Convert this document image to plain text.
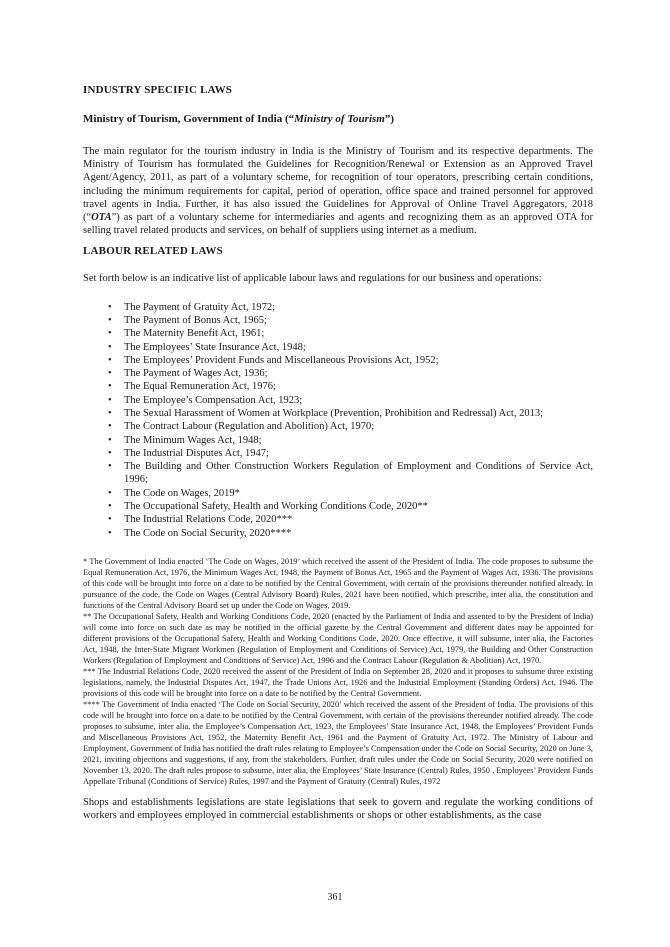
INDUSTRY SPECIFIC LAWS
Ministry of Tourism, Government of India (“Ministry of Tourism”)

The main regulator for the tourism industry in India is the Ministry of Tourism and its respective departments. The Ministry of Tourism has formulated the Guidelines for Recognition/Renewal or Extension as an Approved Travel Agent/Agency, 2011, as part of a voluntary scheme, for recognition of tour operators, prescribing certain conditions, including the minimum requirements for capital, period of operation, office space and trained personnel for approved travel agents in India. Further, it has also issued the Guidelines for Approval of Online Travel Aggregators, 2018 (“OTA”) as part of a voluntary scheme for intermediaries and agents and recognizing them as an approved OTA for selling travel related products and services, on behalf of suppliers using internet as a medium.

LABOUR RELATED LAWS

Set forth below is an indicative list of applicable labour laws and regulations for our business and operations:

• The Payment of Gratuity Act, 1972;
• The Payment of Bonus Act, 1965;
• The Maternity Benefit Act, 1961;
• The Employees’ State Insurance Act, 1948;
• The Employees’ Provident Funds and Miscellaneous Provisions Act, 1952;
• The Payment of Wages Act, 1936;
• The Equal Remuneration Act, 1976;
• The Employee’s Compensation Act, 1923;
• The Sexual Harassment of Women at Workplace (Prevention, Prohibition and Redressal) Act, 2013;
• The Contract Labour (Regulation and Abolition) Act, 1970;
• The Minimum Wages Act, 1948;
• The Industrial Disputes Act, 1947;
• The Building and Other Construction Workers Regulation of Employment and Conditions of Service Act, 1996;
• The Code on Wages, 2019*
• The Occupational Safety, Health and Working Conditions Code, 2020**
• The Industrial Relations Code, 2020***
• The Code on Social Security, 2020****

* The Government of India enacted ‘The Code on Wages, 2019’ which received the assent of the President of India. The code proposes to subsume the Equal Remuneration Act, 1976, the Minimum Wages Act, 1948, the Payment of Bonus Act, 1965 and the Payment of Wages Act, 1936. The provisions of this code will be brought into force on a date to be notified by the Central Government, with certain of the provisions thereunder notified already. In pursuance of the code, the Code on Wages (Central Advisory Board) Rules, 2021 have been notified, which prescribe, inter alia, the constitution and functions of the Central Advisory Board set up under the Code on Wages, 2019.

** The Occupational Safety, Health and Working Conditions Code, 2020 (enacted by the Parliament of India and assented to by the President of India) will come into force on such date as may be notified in the official gazette by the Central Government and different dates may be appointed for different provisions of the Occupational Safety, Health and Working Conditions Code, 2020. Once effective, it will subsume, inter alia, the Factories Act, 1948, the Inter-State Migrant Workmen (Regulation of Employment and Conditions of Service) Act, 1979, the Building and Other Construction Workers (Regulation of Employment and Conditions of Service) Act, 1996 and the Contract Labour (Regulation & Abolition) Act, 1970.

*** The Industrial Relations Code, 2020 received the assent of the President of India on September 28, 2020 and it proposes to subsume three existing legislations, namely, the Industrial Disputes Act, 1947, the Trade Unions Act, 1926 and the Industrial Employment (Standing Orders) Act, 1946. The provisions of this code will be brought into force on a date to be notified by the Central Government.

**** The Government of India enacted ‘The Code on Social Security, 2020’ which received the assent of the President of India. The provisions of this code will be brought into force on a date to be notified by the Central Government, with certain of the provisions thereunder notified already. The code proposes to subsume, inter alia, the Employee’s Compensation Act, 1923, the Employees’ State Insurance Act, 1948, the Employees’ Provident Funds and Miscellaneous Provisions Act, 1952, the Maternity Benefit Act, 1961 and the Payment of Gratuity Act, 1972. The Ministry of Labour and Employment, Government of India has notified the draft rules relating to Employee’s Compensation under the Code on Social Security, 2020 on June 3, 2021, inviting objections and suggestions, if any, from the stakeholders. Further, draft rules under the Code on Social Security, 2020 were notified on November 13, 2020. The draft rules propose to subsume, inter alia, the Employees’ State Insurance (Central) Rules, 1950 , Employees’ Provident Funds Appellate Tribunal (Conditions of Service) Rules, 1997 and the Payment of Gratuity (Central) Rules, 1972

Shops and establishments legislations are state legislations that seek to govern and regulate the working conditions of workers and employees employed in commercial establishments or shops or other establishments, as the case

361
